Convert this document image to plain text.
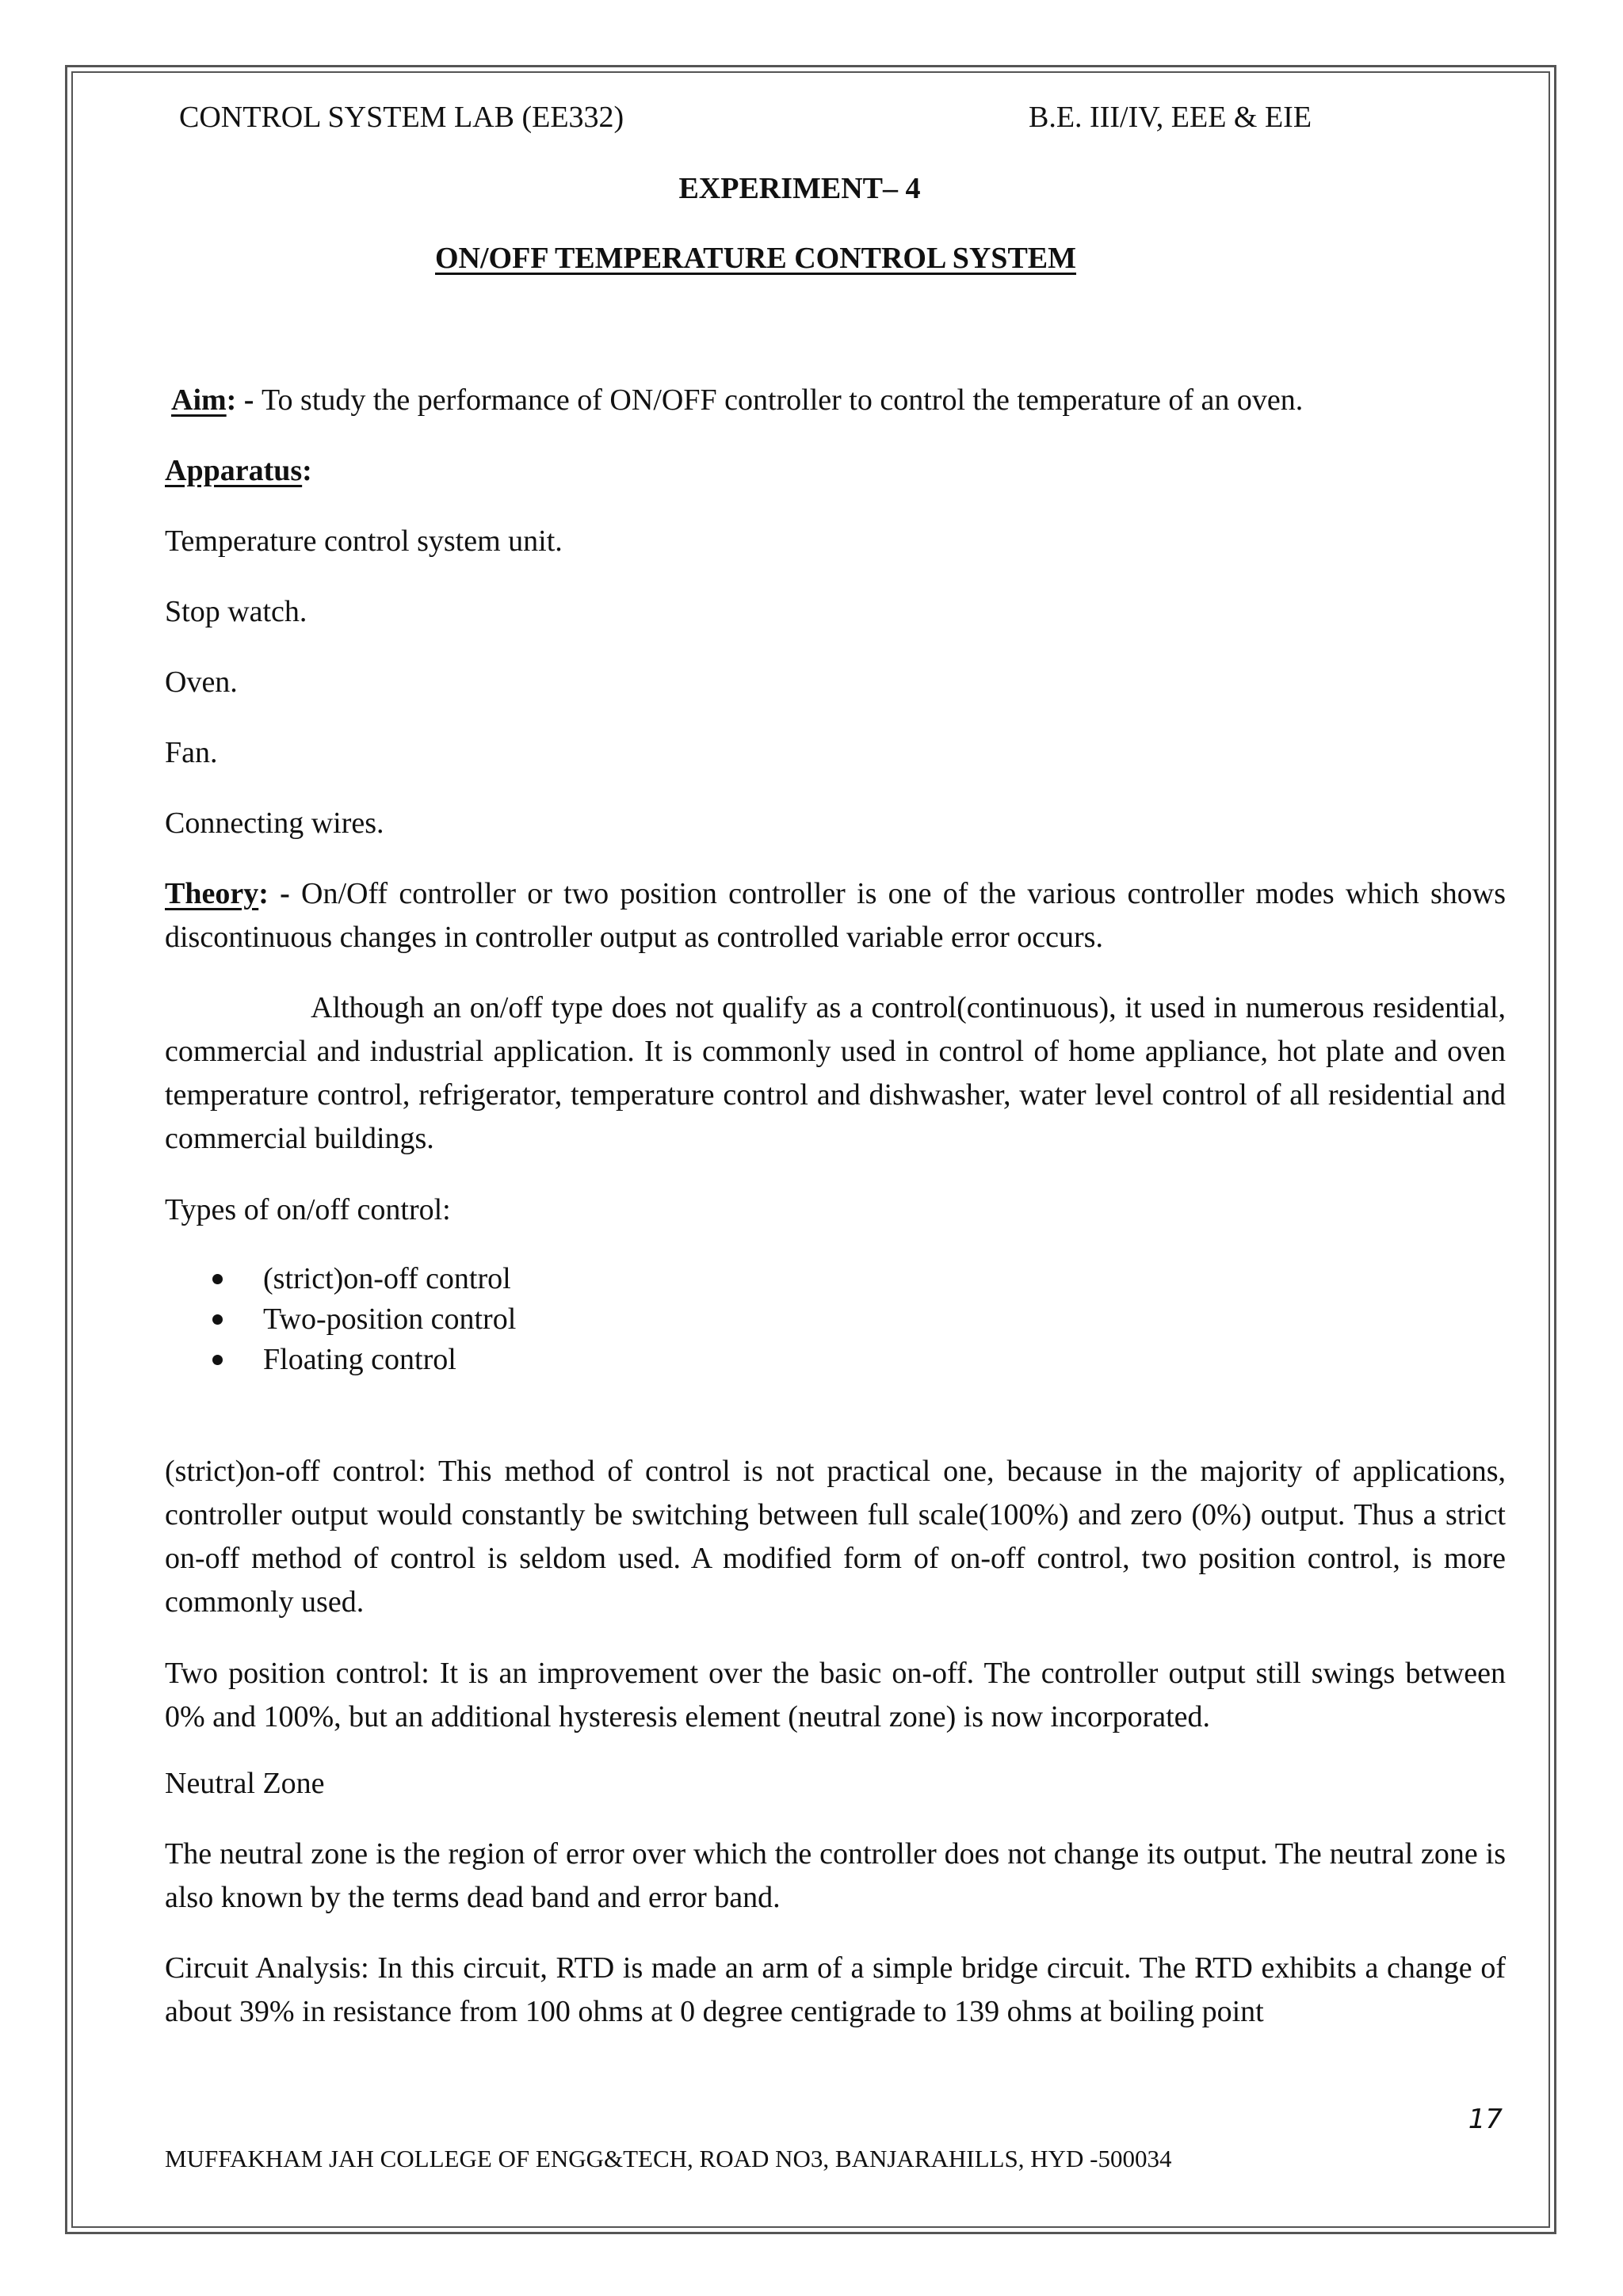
CONTROL SYSTEM LAB (EE332)	B.E. III/IV, EEE & EIE
EXPERIMENT– 4
ON/OFF TEMPERATURE CONTROL SYSTEM
Aim: - To study the performance of ON/OFF controller to control the temperature of an oven.
Apparatus:
Temperature control system unit.
Stop watch.
Oven.
Fan.
Connecting wires.

Theory: - On/Off controller or two position controller is one of the various controller modes which shows discontinuous changes in controller output as controlled variable error occurs.

Although an on/off type does not qualify as a control(continuous), it used in numerous residential, commercial and industrial application. It is commonly used in control of home appliance, hot plate and oven temperature control, refrigerator, temperature control and dishwasher, water level control of all residential and commercial buildings.

Types of on/off control:
(strict)on-off control
Two-position control
Floating control

(strict)on-off control: This method of control is not practical one, because in the majority of applications, controller output would constantly be switching between full scale(100%) and zero (0%) output. Thus a strict on-off method of control is seldom used. A modified form of on-off control, two position control, is more commonly used.

Two position control: It is an improvement over the basic on-off. The controller output still swings between 0% and 100%, but an additional hysteresis element (neutral zone) is now incorporated.

Neutral Zone

The neutral zone is the region of error over which the controller does not change its output. The neutral zone is also known by the terms dead band and error band.

Circuit Analysis: In this circuit, RTD is made an arm of a simple bridge circuit. The RTD exhibits a change of about 39% in resistance from 100 ohms at 0 degree centigrade to 139 ohms at boiling point

17
MUFFAKHAM JAH COLLEGE OF ENGG&TECH, ROAD NO3, BANJARAHILLS, HYD -500034
